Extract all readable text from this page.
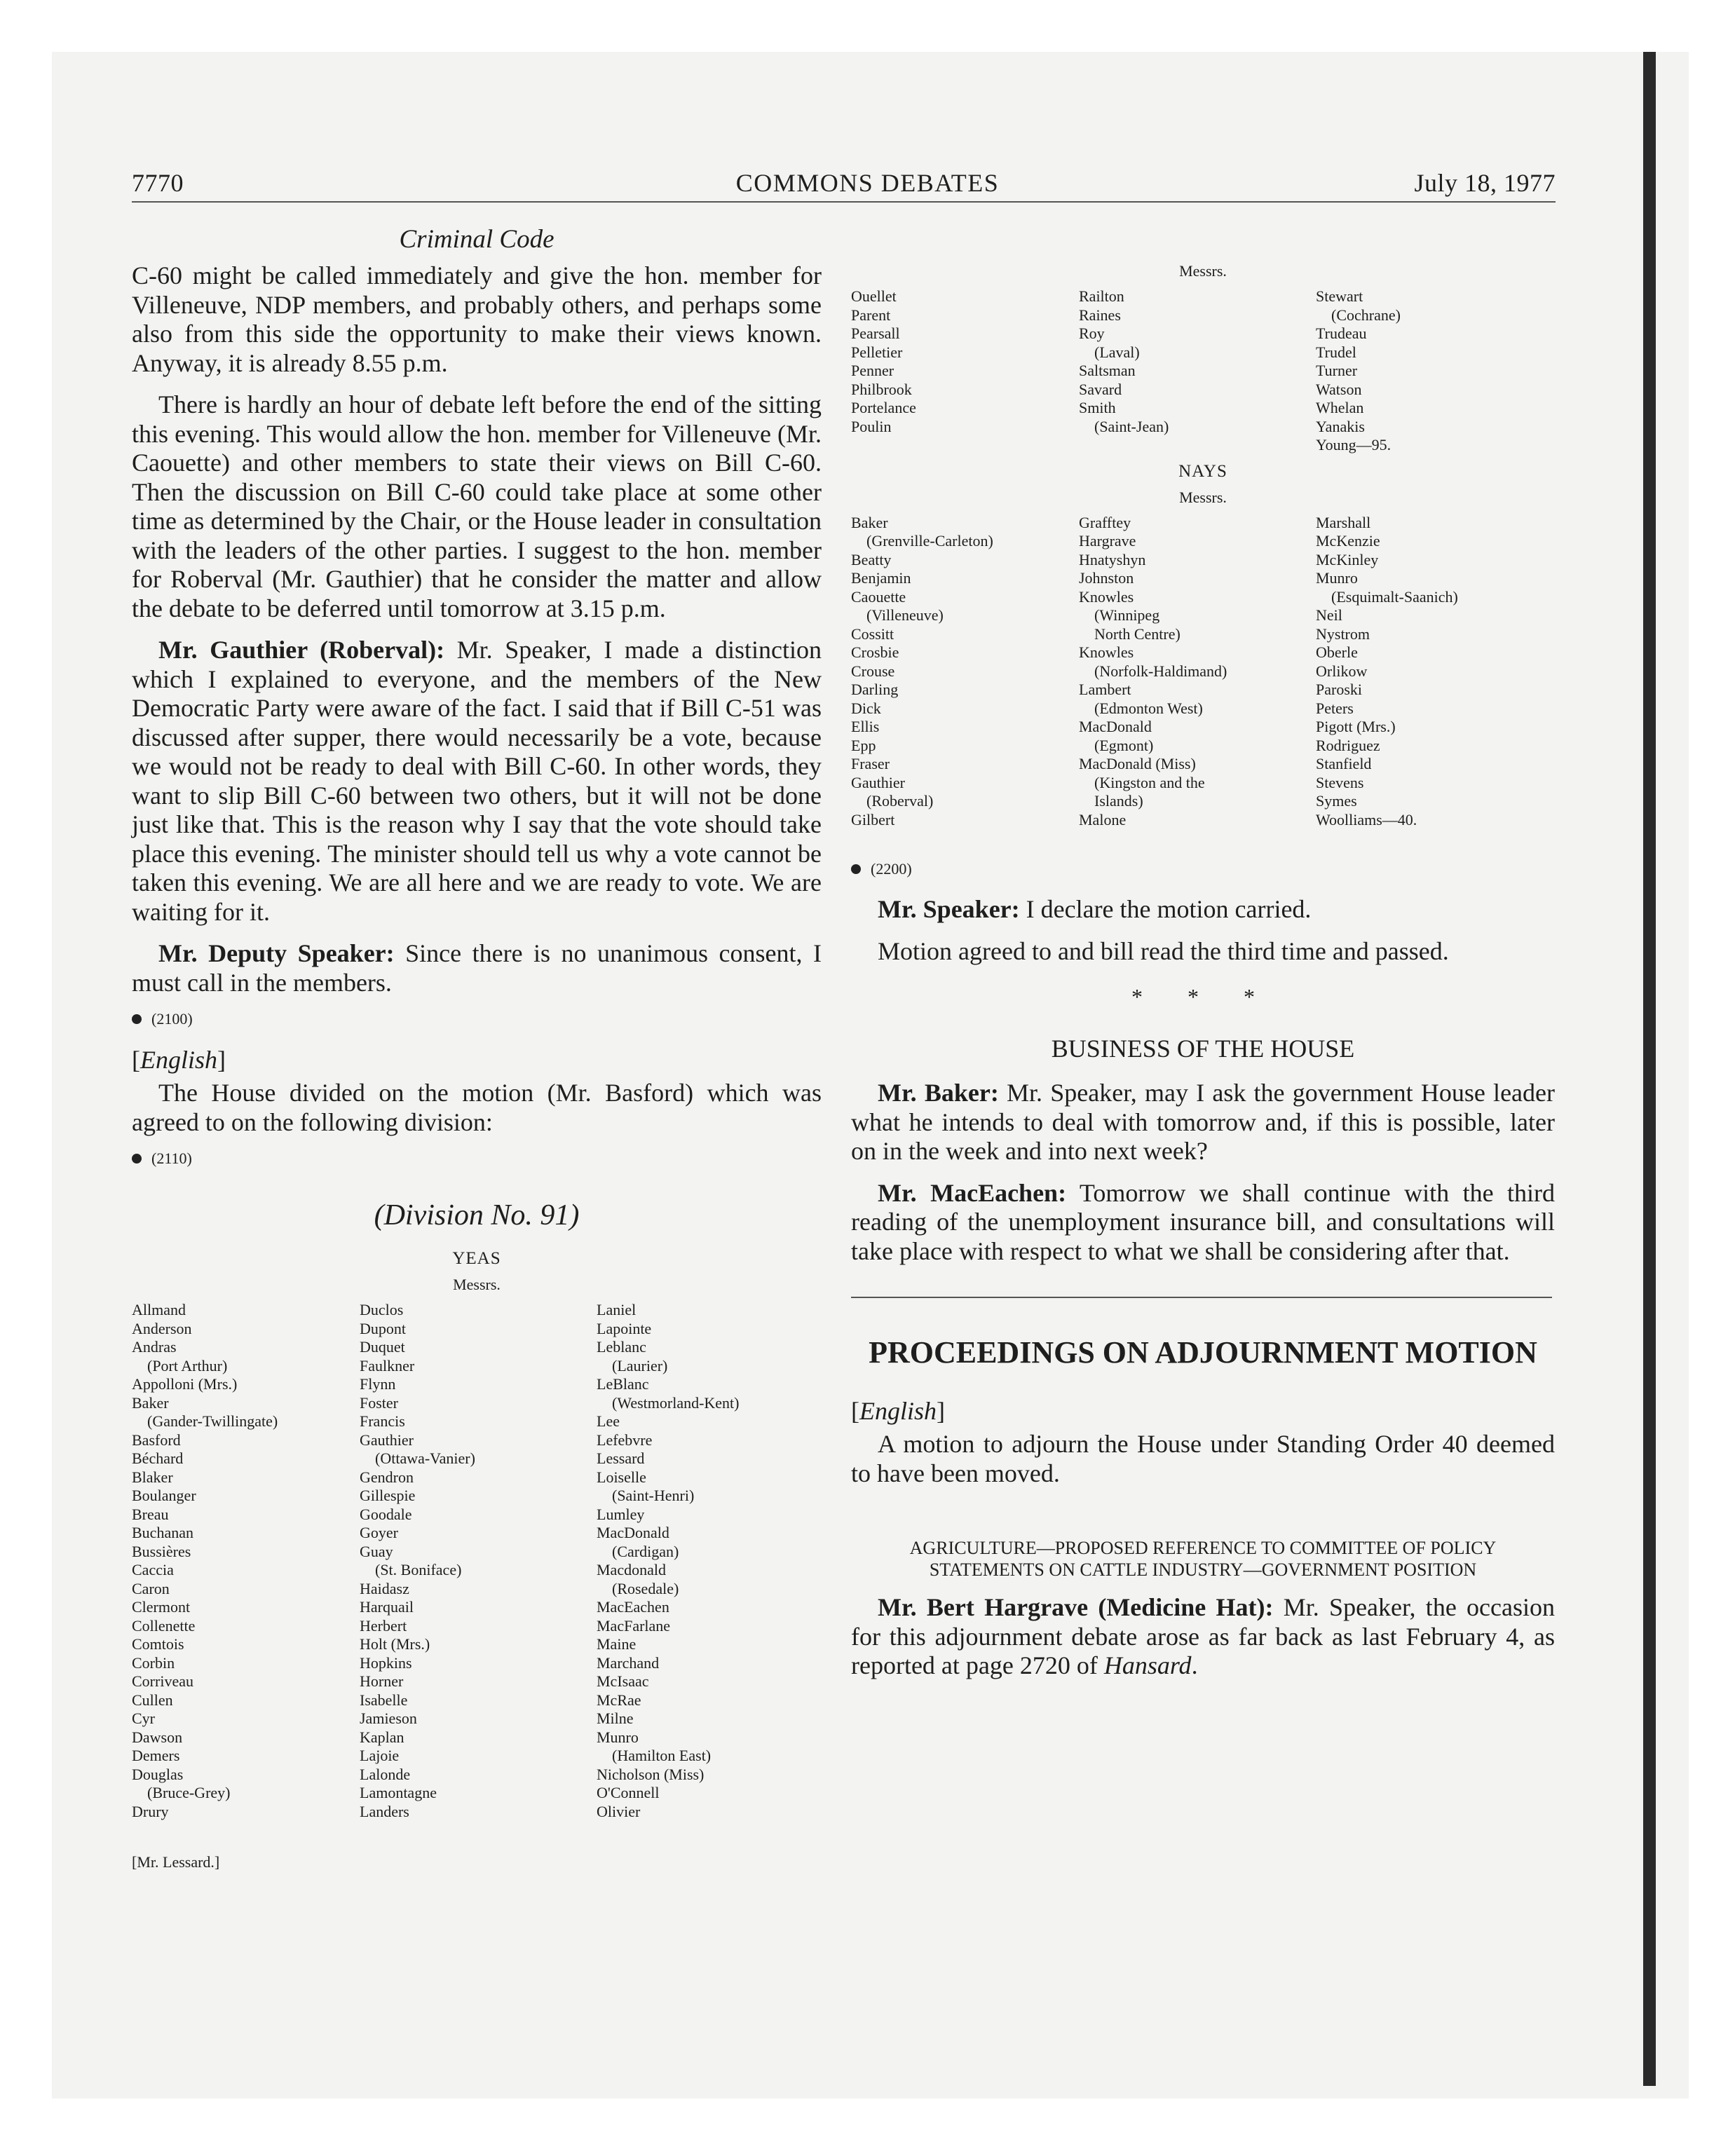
7770	COMMONS DEBATES	July 18, 1977
Criminal Code

C-60 might be called immediately and give the hon. member for Villeneuve, NDP members, and probably others, and perhaps some also from this side the opportunity to make their views known. Anyway, it is already 8.55 p.m.

There is hardly an hour of debate left before the end of the sitting this evening. This would allow the hon. member for Villeneuve (Mr. Caouette) and other members to state their views on Bill C-60. Then the discussion on Bill C-60 could take place at some other time as determined by the Chair, or the House leader in consultation with the leaders of the other parties. I suggest to the hon. member for Roberval (Mr. Gauthier) that he consider the matter and allow the debate to be deferred until tomorrow at 3.15 p.m.

Mr. Gauthier (Roberval): Mr. Speaker, I made a distinction which I explained to everyone, and the members of the New Democratic Party were aware of the fact. I said that if Bill C-51 was discussed after supper, there would necessarily be a vote, because we would not be ready to deal with Bill C-60. In other words, they want to slip Bill C-60 between two others, but it will not be done just like that. This is the reason why I say that the vote should take place this evening. The minister should tell us why a vote cannot be taken this evening. We are all here and we are ready to vote. We are waiting for it.

Mr. Deputy Speaker: Since there is no unanimous consent, I must call in the members.

(2100)
[English]

The House divided on the motion (Mr. Basford) which was agreed to on the following division:

(2110)
(Division No. 91)
YEAS
Messrs.
Allmand
Anderson
Andras
(Port Arthur)
Appolloni (Mrs.)
Baker
(Gander-Twillingate)
Basford
Béchard
Blaker
Boulanger
Breau
Buchanan
Bussières
Caccia
Caron
Clermont
Collenette
Comtois
Corbin
Corriveau
Cullen
Cyr
Dawson
Demers
Douglas
(Bruce-Grey)
Drury
Duclos
Dupont
Duquet
Faulkner
Flynn
Foster
Francis
Gauthier
(Ottawa-Vanier)
Gendron
Gillespie
Goodale
Goyer
Guay
(St. Boniface)
Haidasz
Harquail
Herbert
Holt (Mrs.)
Hopkins
Horner
Isabelle
Jamieson
Kaplan
Lajoie
Lalonde
Lamontagne
Landers
Laniel
Lapointe
Leblanc
(Laurier)
LeBlanc
(Westmorland-Kent)
Lee
Lefebvre
Lessard
Loiselle
(Saint-Henri)
Lumley
MacDonald
(Cardigan)
Macdonald
(Rosedale)
MacEachen
MacFarlane
Maine
Marchand
McIsaac
McRae
Milne
Munro
(Hamilton East)
Nicholson (Miss)
O'Connell
Olivier
[Mr. Lessard.]
Messrs.
Ouellet
Parent
Pearsall
Pelletier
Penner
Philbrook
Portelance
Poulin
Railton
Raines
Roy
(Laval)
Saltsman
Savard
Smith
(Saint-Jean)
Stewart
(Cochrane)
Trudeau
Trudel
Turner
Watson
Whelan
Yanakis
Young—95.
NAYS
Messrs.
Baker
(Grenville-Carleton)
Beatty
Benjamin
Caouette
(Villeneuve)
Cossitt
Crosbie
Crouse
Darling
Dick
Ellis
Epp
Fraser
Gauthier
(Roberval)
Gilbert
Grafftey
Hargrave
Hnatyshyn
Johnston
Knowles
(Winnipeg
North Centre)
Knowles
(Norfolk-Haldimand)
Lambert
(Edmonton West)
MacDonald
(Egmont)
MacDonald (Miss)
(Kingston and the
Islands)
Malone
Marshall
McKenzie
McKinley
Munro
(Esquimalt-Saanich)
Neil
Nystrom
Oberle
Orlikow
Paroski
Peters
Pigott (Mrs.)
Rodriguez
Stanfield
Stevens
Symes
Woolliams—40.
(2200)

Mr. Speaker: I declare the motion carried.

Motion agreed to and bill read the third time and passed.

* * *
BUSINESS OF THE HOUSE

Mr. Baker: Mr. Speaker, may I ask the government House leader what he intends to deal with tomorrow and, if this is possible, later on in the week and into next week?

Mr. MacEachen: Tomorrow we shall continue with the third reading of the unemployment insurance bill, and consultations will take place with respect to what we shall be considering after that.

PROCEEDINGS ON ADJOURNMENT MOTION
[English]

A motion to adjourn the House under Standing Order 40 deemed to have been moved.

AGRICULTURE—PROPOSED REFERENCE TO COMMITTEE OF POLICY STATEMENTS ON CATTLE INDUSTRY—GOVERNMENT POSITION

Mr. Bert Hargrave (Medicine Hat): Mr. Speaker, the occasion for this adjournment debate arose as far back as last February 4, as reported at page 2720 of Hansard.
